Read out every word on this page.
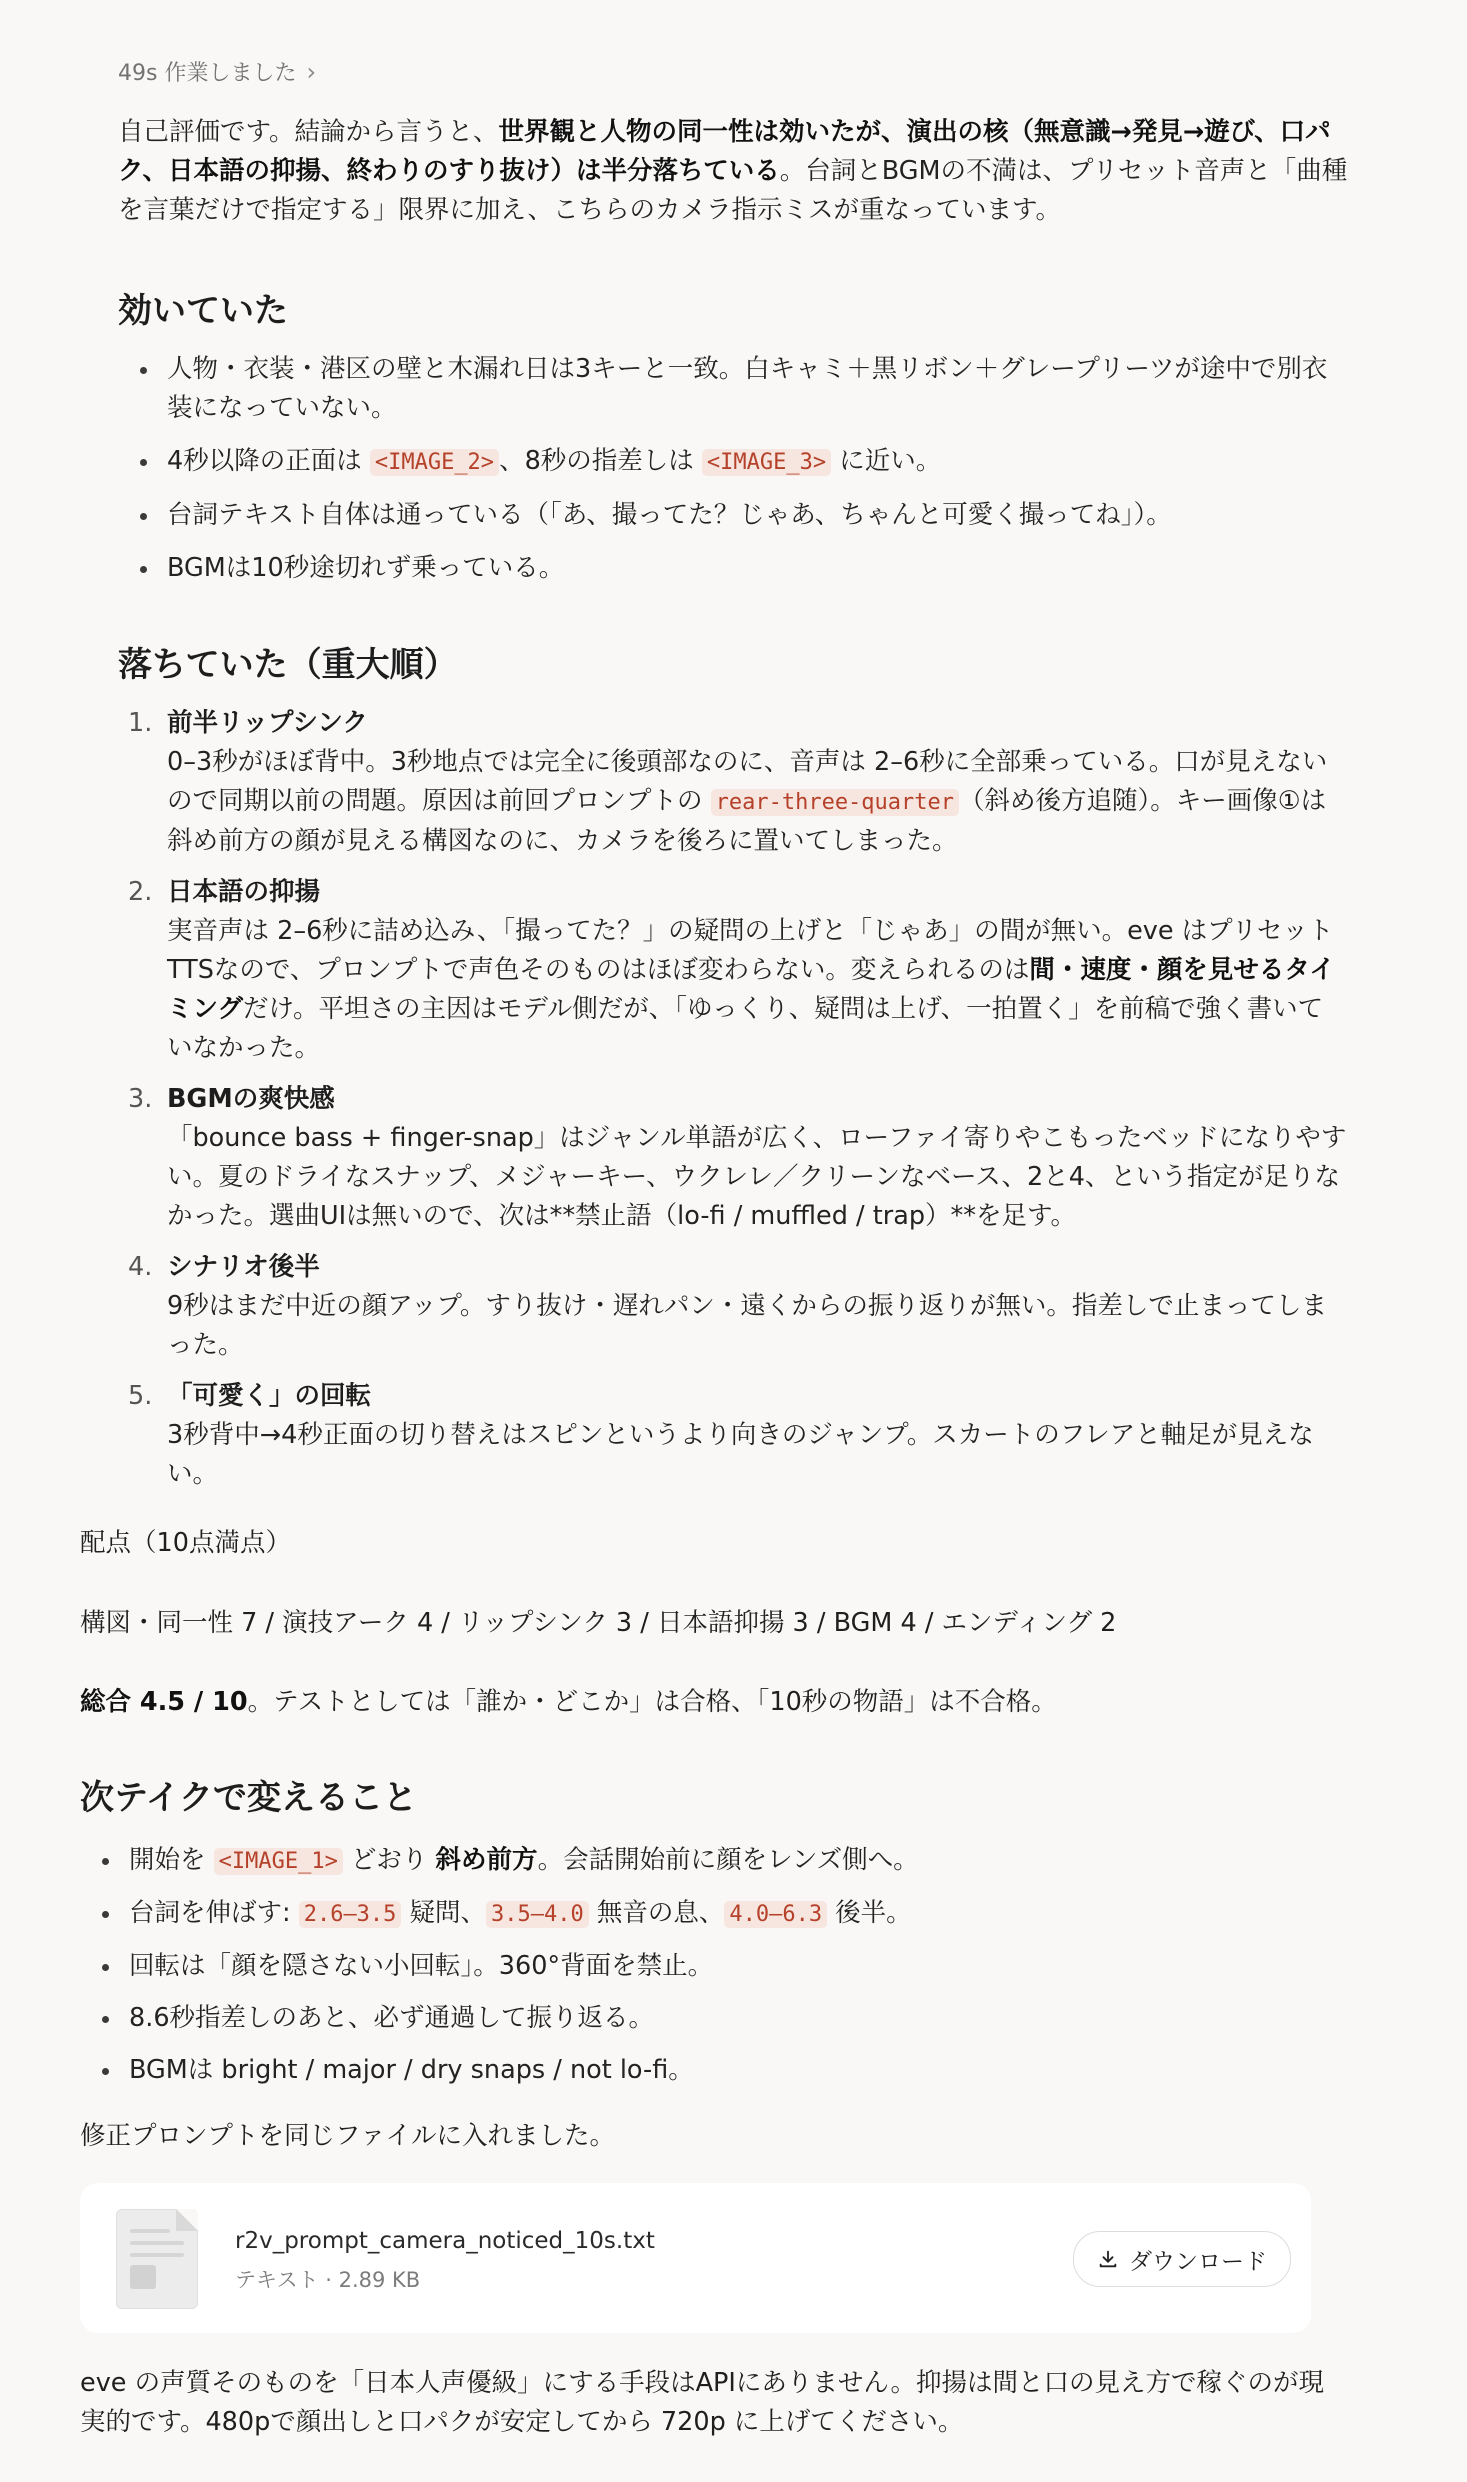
49s 作業しました ›
自己評価です。結論から言うと、世界観と人物の同一性は効いたが、演出の核（無意識→発見→遊び、口パク、日本語の抑揚、終わりのすり抜け）は半分落ちている。台詞とBGMの不満は、プリセット音声と「曲種を言葉だけで指定する」限界に加え、こちらのカメラ指示ミスが重なっています。
効いていた
人物・衣装・港区の壁と木漏れ日は3キーと一致。白キャミ＋黒リボン＋グレープリーツが途中で別衣装になっていない。
4秒以降の正面は <IMAGE_2> 、8秒の指差しは <IMAGE_3> に近い。
台詞テキスト自体は通っている（「あ、撮ってた？じゃあ、ちゃんと可愛く撮ってね」）。
BGMは10秒途切れず乗っている。
落ちていた（重大順）
1. 前半リップシンク
0–3秒がほぼ背中。3秒地点では完全に後頭部なのに、音声は 2–6秒に全部乗っている。口が見えないので同期以前の問題。原因は前回プロンプトの rear-three-quarter （斜め後方追随）。キー画像①は斜め前方の顔が見える構図なのに、カメラを後ろに置いてしまった。
2. 日本語の抑揚
実音声は 2–6秒に詰め込み、「撮ってた？」の疑問の上げと「じゃあ」の間が無い。eve はプリセットTTSなので、プロンプトで声色そのものはほぼ変わらない。変えられるのは間・速度・顔を見せるタイミングだけ。平坦さの主因はモデル側だが、「ゆっくり、疑問は上げ、一拍置く」を前稿で強く書いていなかった。
3. BGMの爽快感
「bounce bass + finger-snap」はジャンル単語が広く、ローファイ寄りやこもったベッドになりやすい。夏のドライなスナップ、メジャーキー、ウクレレ／クリーンなベース、2と4、という指定が足りなかった。選曲UIは無いので、次は**禁止語（lo-fi / muffled / trap）**を足す。
4. シナリオ後半
9秒はまだ中近の顔アップ。すり抜け・遅れパン・遠くからの振り返りが無い。指差しで止まってしまった。
5. 「可愛く」の回転
3秒背中→4秒正面の切り替えはスピンというより向きのジャンプ。スカートのフレアと軸足が見えない。
配点（10点満点）
構図・同一性 7 / 演技アーク 4 / リップシンク 3 / 日本語抑揚 3 / BGM 4 / エンディング 2
総合 4.5 / 10。テストとしては「誰か・どこか」は合格、「10秒の物語」は不合格。
次テイクで変えること
開始を <IMAGE_1> どおり 斜め前方。会話開始前に顔をレンズ側へ。
台詞を伸ばす: 2.6–3.5 疑問、 3.5–4.0 無音の息、 4.0–6.3 後半。
回転は「顔を隠さない小回転」。360°背面を禁止。
8.6秒指差しのあと、必ず通過して振り返る。
BGMは bright / major / dry snaps / not lo-fi。
修正プロンプトを同じファイルに入れました。
r2v_prompt_camera_noticed_10s.txt
テキスト · 2.89 KB
ダウンロード
eve の声質そのものを「日本人声優級」にする手段はAPIにありません。抑揚は間と口の見え方で稼ぐのが現実的です。480pで顔出しと口パクが安定してから 720p に上げてください。
